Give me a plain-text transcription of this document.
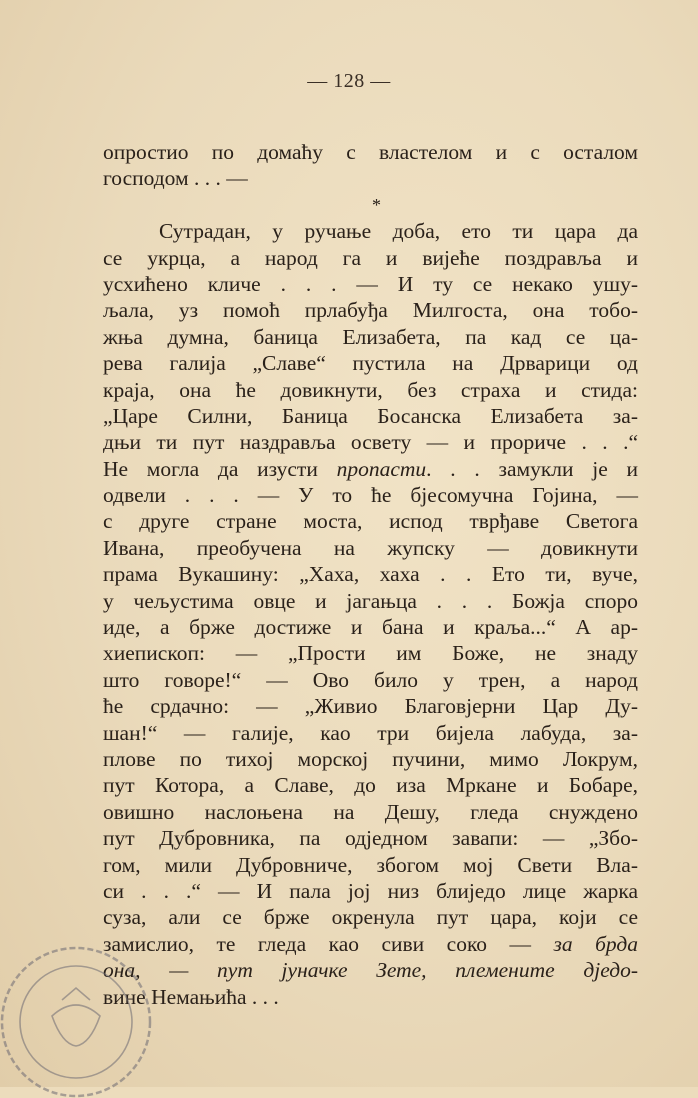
— 128 —
опростио по домаћу с властелом и с осталом
господом . . . —
*
Сутрадан, у ручање доба, ето ти цара да
се укрца, а народ га и вијеће поздравља и
усхићено кличе . . . — И ту се некако ушу-
љала, уз помоћ прлабуђа Милгоста, она тобо-
жња думна, баница Елизабета, па кад се ца-
рева галија „Славе“ пустила на Дрварици од
краја, она ће довикнути, без страха и стида:
„Царе Силни, Баница Босанска Елизабета за-
дњи ти пут наздравља освету — и проричe . . .“
Не могла да изусти пропасти. . . замукли је и
одвели . . . — У то ће бјесомучна Гојина, —
с друге стране моста, испод тврђаве Светога
Ивана, преобучена на жупску — довикнути
прама Вукашину: „Хаха, хаха . . Ето ти, вуче,
у чељустима овце и јагањца . . . Божја споро
иде, а брже достиже и бана и краља...“ А ар-
хиепископ: — „Прости им Боже, не знаду
што говоре!“ — Ово било у трен, а народ
ће срдачно: — „Живио Благовјерни Цар Ду-
шан!“ — галије, као три бијела лабуда, за-
плове по тихој морској пучини, мимо Локрум,
пут Котора, а Славе, до иза Мркане и Бобаре,
овишно наслоњена на Дешу, гледа снуждено
пут Дубровника, па одједном завапи: — „Збо-
гом, мили Дубровниче, збогом мој Свети Вла-
си . . .“ — И пала јој низ блиједо лице жарка
суза, али се брже окренула пут цара, који се
замислио, те гледа као сиви соко — за брда
она, — пут јуначке Зете, племените дједо-
вине Немањића . . .
